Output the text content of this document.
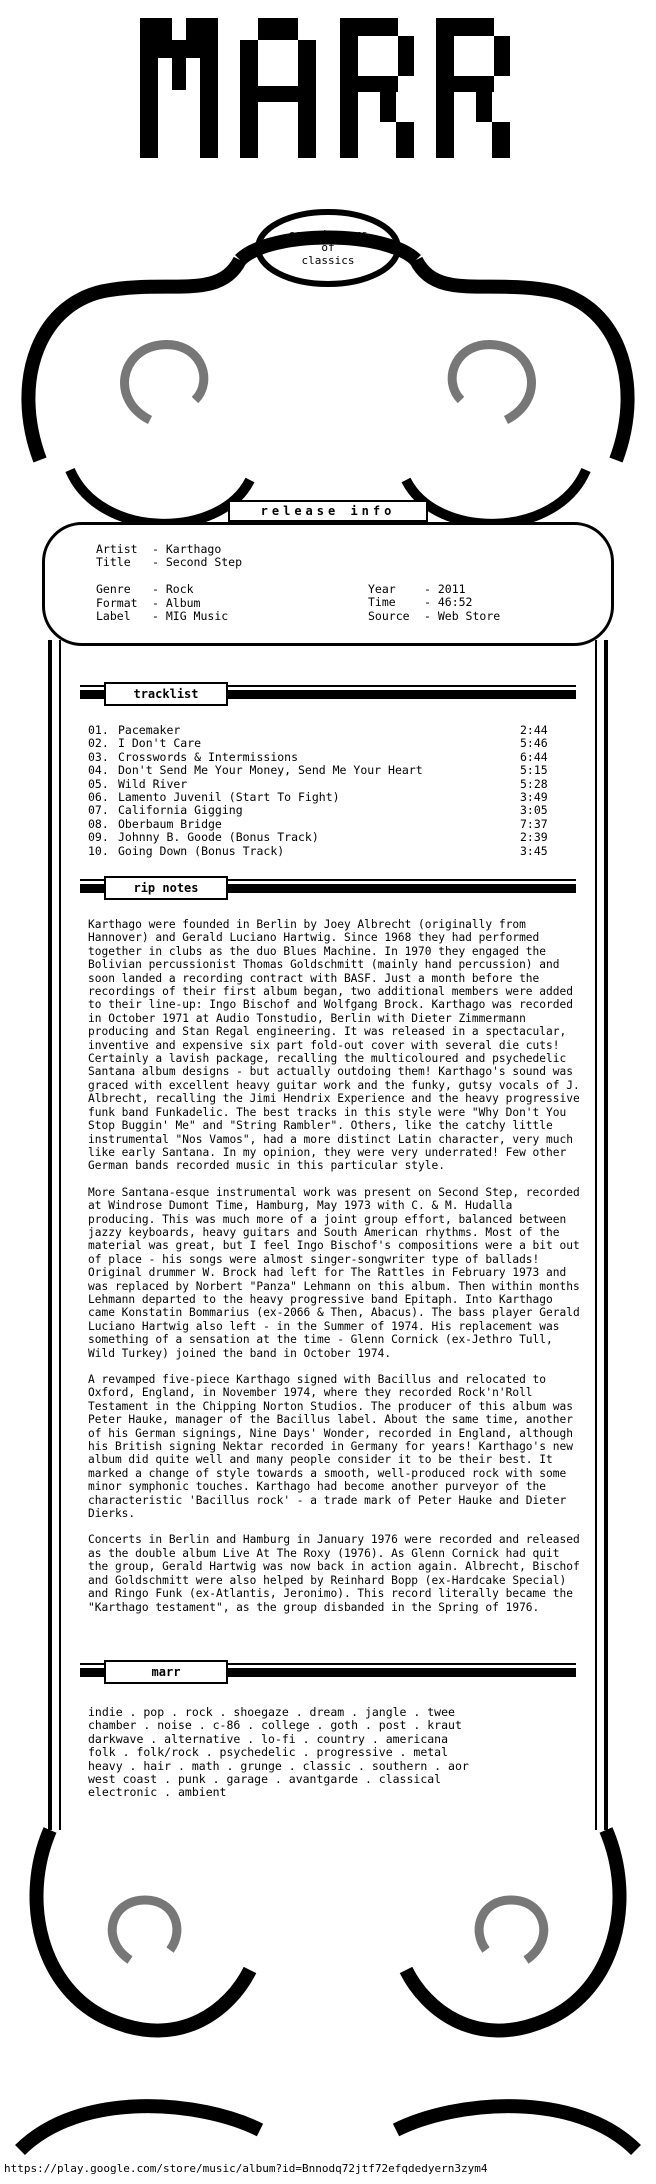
connoisseurs
of
classics
release info
Artist - Karthago
Title - Second Step
Genre - Rock
Format - Album
Label - MIG Music
Year - 2011
Time - 46:52
Source - Web Store
tracklist
01. Pacemaker	2:44
02. I Don't Care	5:46
03. Crosswords & Intermissions	6:44
04. Don't Send Me Your Money, Send Me Your Heart	5:15
05. Wild River	5:28
06. Lamento Juvenil (Start To Fight)	3:49
07. California Gigging	3:05
08. Oberbaum Bridge	7:37
09. Johnny B. Goode (Bonus Track)	2:39
10. Going Down (Bonus Track)	3:45
rip notes

Karthago were founded in Berlin by Joey Albrecht (originally from Hannover) and Gerald Luciano Hartwig. Since 1968 they had performed together in clubs as the duo Blues Machine. In 1970 they engaged the Bolivian percussionist Thomas Goldschmitt (mainly hand percussion) and soon landed a recording contract with BASF. Just a month before the recordings of their first album began, two additional members were added to their line-up: Ingo Bischof and Wolfgang Brock. Karthago was recorded in October 1971 at Audio Tonstudio, Berlin with Dieter Zimmermann producing and Stan Regal engineering. It was released in a spectacular, inventive and expensive six part fold-out cover with several die cuts! Certainly a lavish package, recalling the multicoloured and psychedelic Santana album designs - but actually outdoing them! Karthago's sound was graced with excellent heavy guitar work and the funky, gutsy vocals of J. Albrecht, recalling the Jimi Hendrix Experience and the heavy progressive funk band Funkadelic. The best tracks in this style were "Why Don't You Stop Buggin' Me" and "String Rambler". Others, like the catchy little instrumental "Nos Vamos", had a more distinct Latin character, very much like early Santana. In my opinion, they were very underrated! Few other German bands recorded music in this particular style.

More Santana-esque instrumental work was present on Second Step, recorded at Windrose Dumont Time, Hamburg, May 1973 with C. & M. Hudalla producing. This was much more of a joint group effort, balanced between jazzy keyboards, heavy guitars and South American rhythms. Most of the material was great, but I feel Ingo Bischof's compositions were a bit out of place - his songs were almost singer-songwriter type of ballads! Original drummer W. Brock had left for The Rattles in February 1973 and was replaced by Norbert "Panza" Lehmann on this album. Then within months Lehmann departed to the heavy progressive band Epitaph. Into Karthago came Konstatin Bommarius (ex-2066 & Then, Abacus). The bass player Gerald Luciano Hartwig also left - in the Summer of 1974. His replacement was something of a sensation at the time - Glenn Cornick (ex-Jethro Tull, Wild Turkey) joined the band in October 1974.

A revamped five-piece Karthago signed with Bacillus and relocated to Oxford, England, in November 1974, where they recorded Rock'n'Roll Testament in the Chipping Norton Studios. The producer of this album was Peter Hauke, manager of the Bacillus label. About the same time, another of his German signings, Nine Days' Wonder, recorded in England, although his British signing Nektar recorded in Germany for years! Karthago's new album did quite well and many people consider it to be their best. It marked a change of style towards a smooth, well-produced rock with some minor symphonic touches. Karthago had become another purveyor of the characteristic 'Bacillus rock' - a trade mark of Peter Hauke and Dieter Dierks.

Concerts in Berlin and Hamburg in January 1976 were recorded and released as the double album Live At The Roxy (1976). As Glenn Cornick had quit the group, Gerald Hartwig was now back in action again. Albrecht, Bischof and Goldschmitt were also helped by Reinhard Bopp (ex-Hardcake Special) and Ringo Funk (ex-Atlantis, Jeronimo). This record literally became the "Karthago testament", as the group disbanded in the Spring of 1976.

marr
indie . pop . rock . shoegaze . dream . jangle . twee
chamber . noise . c-86 . college . goth . post . kraut
darkwave . alternative . lo-fi . country . americana
folk . folk/rock . psychedelic . progressive . metal
heavy . hair . math . grunge . classic . southern . aor
west coast . punk . garage . avantgarde . classical
electronic . ambient
https://play.google.com/store/music/album?id=Bnnodq72jtf72efqdedyern3zym4
